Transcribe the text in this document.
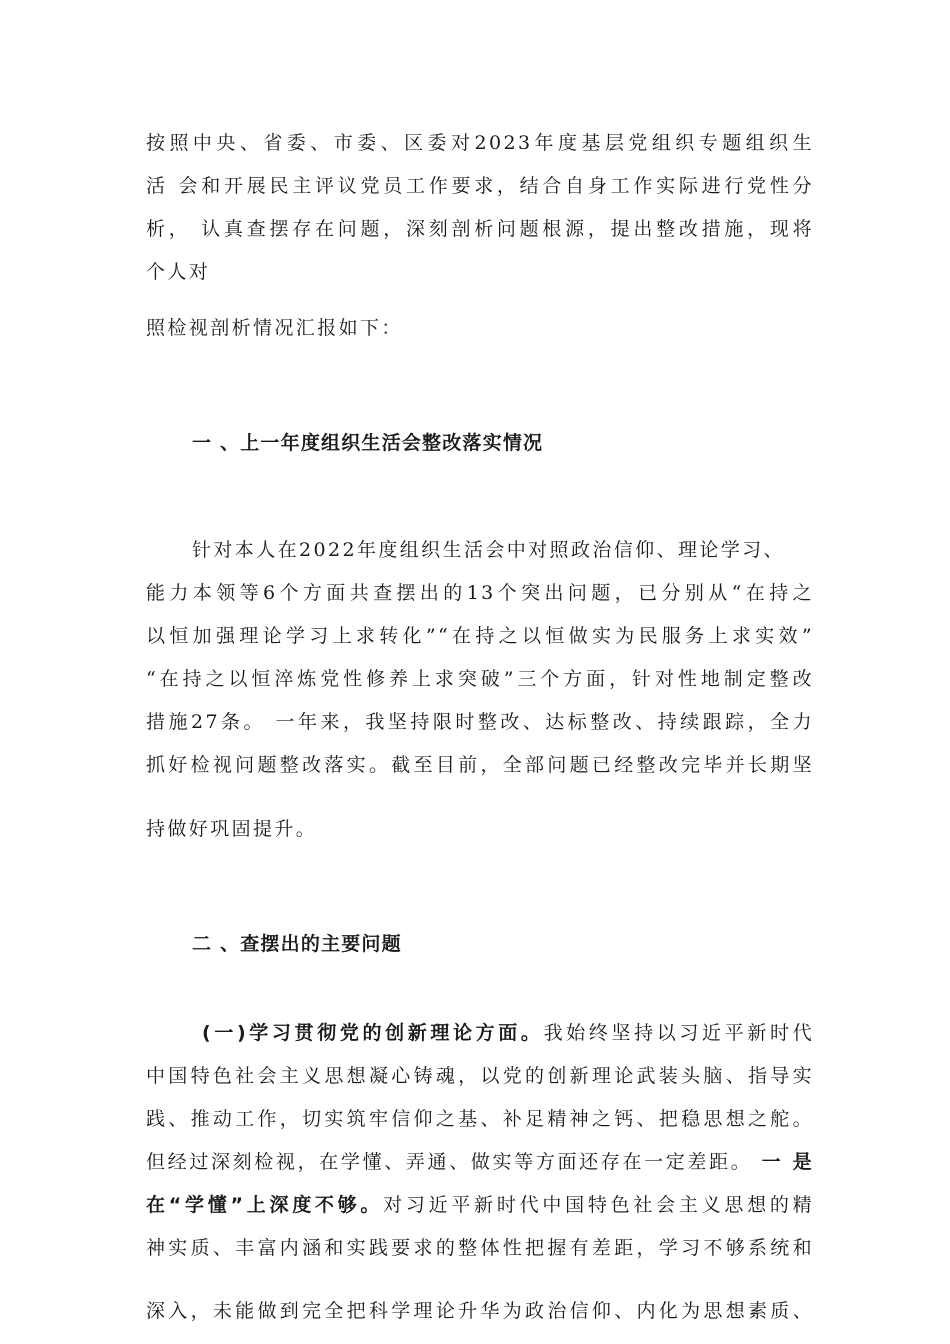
按照中央、省委、市委、区委对2023年度基层党组织专题组织生
活 会和开展民主评议党员工作要求，结合自身工作实际进行党性分
析， 认真查摆存在问题，深刻剖析问题根源，提出整改措施，现将
个人对
照检视剖析情况汇报如下：
一 、上一年度组织生活会整改落实情况
针对本人在2022年度组织生活会中对照政治信仰、理论学习、
能力本领等6个方面共查摆出的13个突出问题，已分别从“在持之
以恒加强理论学习上求转化”“在持之以恒做实为民服务上求实效”
“在持之以恒淬炼党性修养上求突破”三个方面，针对性地制定整改
措施27条。 一年来，我坚持限时整改、达标整改、持续跟踪，全力
抓好检视问题整改落实。截至目前，全部问题已经整改完毕并长期坚
持做好巩固提升。
二 、查摆出的主要问题
(一)学习贯彻党的创新理论方面。我始终坚持以习近平新时代
中国特色社会主义思想凝心铸魂，以党的创新理论武装头脑、指导实
践、推动工作，切实筑牢信仰之基、补足精神之钙、把稳思想之舵。
但经过深刻检视，在学懂、弄通、做实等方面还存在一定差距。 一 是
在“学懂”上深度不够。对习近平新时代中国特色社会主义思想的精
神实质、丰富内涵和实践要求的整体性把握有差距，学习不够系统和
深入，未能做到完全把科学理论升华为政治信仰、内化为思想素质、
